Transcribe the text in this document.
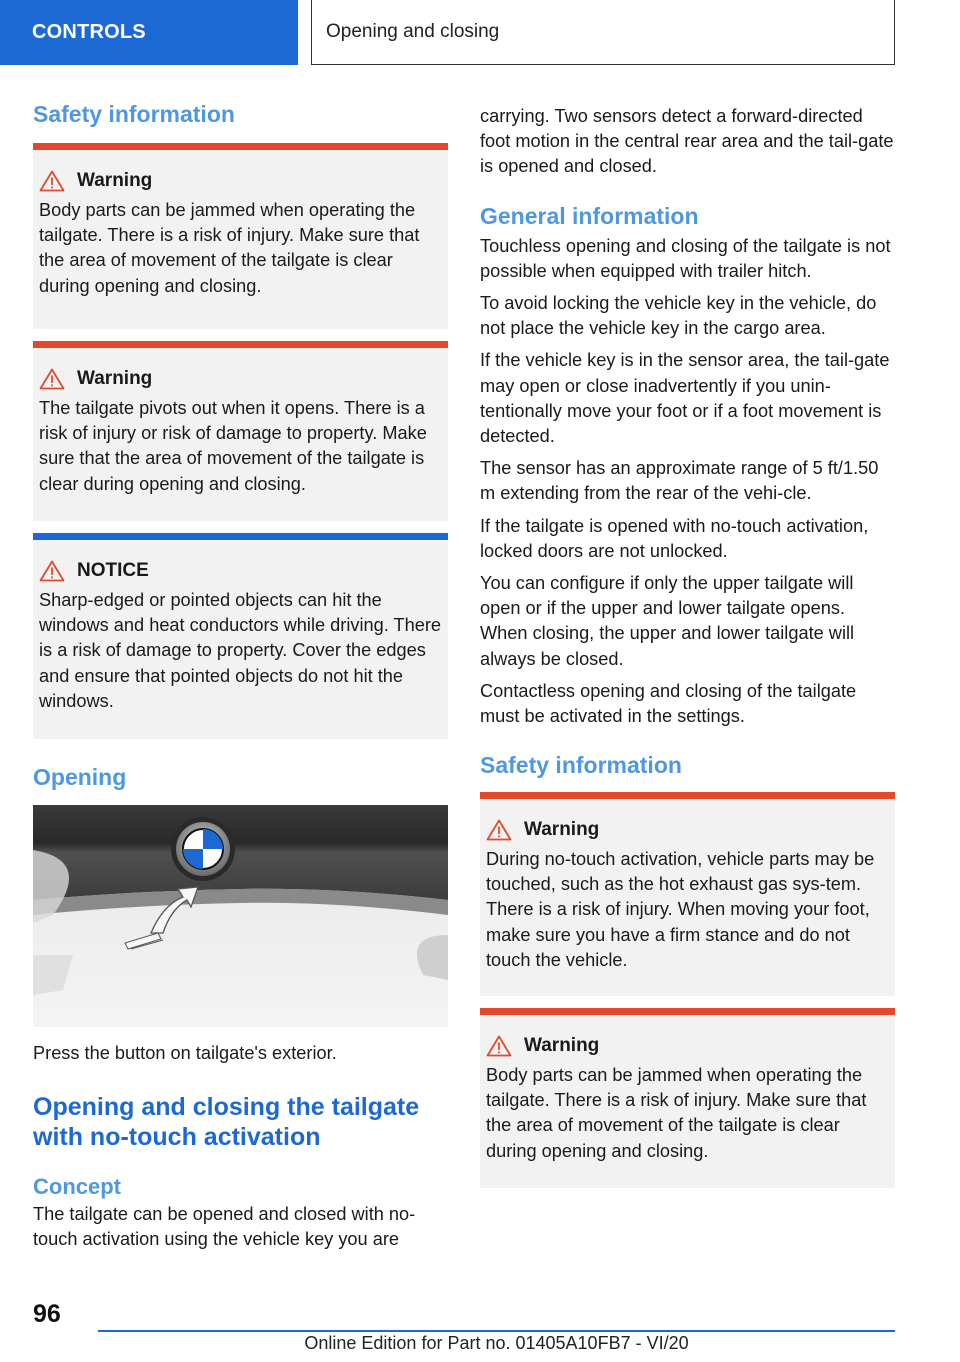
CONTROLS	Opening and closing
Safety information
Warning
Body parts can be jammed when operating the tailgate. There is a risk of injury. Make sure that the area of movement of the tailgate is clear during opening and closing.
Warning
The tailgate pivots out when it opens. There is a risk of injury or risk of damage to property. Make sure that the area of movement of the tailgate is clear during opening and closing.
NOTICE
Sharp-edged or pointed objects can hit the windows and heat conductors while driving. There is a risk of damage to property. Cover the edges and ensure that pointed objects do not hit the windows.
Opening

Press the button on tailgate's exterior.

Opening and closing the tailgate with no-touch activation
Concept

The tailgate can be opened and closed with no-touch activation using the vehicle key you are

carrying. Two sensors detect a forward-directed foot motion in the central rear area and the tail-gate is opened and closed.

General information

Touchless opening and closing of the tailgate is not possible when equipped with trailer hitch.

To avoid locking the vehicle key in the vehicle, do not place the vehicle key in the cargo area.

If the vehicle key is in the sensor area, the tail-gate may open or close inadvertently if you unin-tentionally move your foot or if a foot movement is detected.

The sensor has an approximate range of 5 ft/1.50 m extending from the rear of the vehi-cle.

If the tailgate is opened with no-touch activation, locked doors are not unlocked.

You can configure if only the upper tailgate will open or if the upper and lower tailgate opens. When closing, the upper and lower tailgate will always be closed.

Contactless opening and closing of the tailgate must be activated in the settings.

Safety information
Warning
During no-touch activation, vehicle parts may be touched, such as the hot exhaust gas sys-tem. There is a risk of injury. When moving your foot, make sure you have a firm stance and do not touch the vehicle.
Warning
Body parts can be jammed when operating the tailgate. There is a risk of injury. Make sure that the area of movement of the tailgate is clear during opening and closing.
96
Online Edition for Part no. 01405A10FB7 - VI/20
